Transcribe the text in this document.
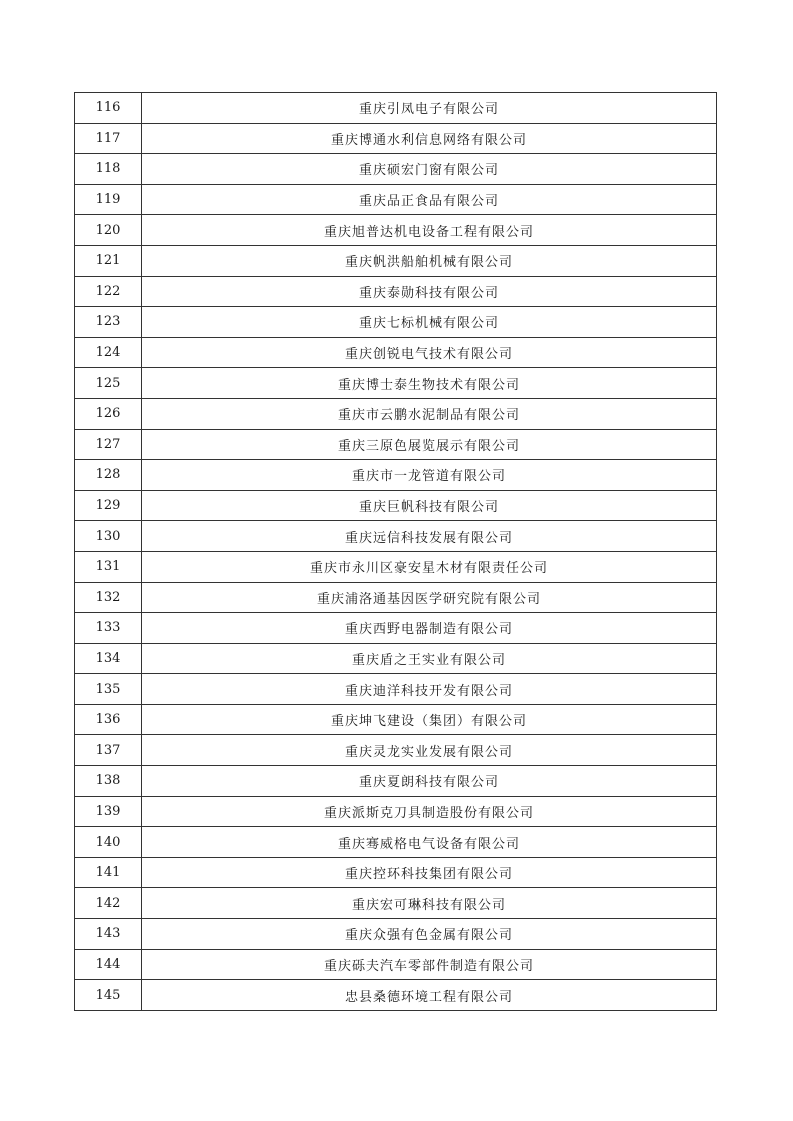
116	重庆引凤电子有限公司
117	重庆博通水利信息网络有限公司
118	重庆硕宏门窗有限公司
119	重庆品正食品有限公司
120	重庆旭普达机电设备工程有限公司
121	重庆帆洪船舶机械有限公司
122	重庆泰勋科技有限公司
123	重庆七标机械有限公司
124	重庆创锐电气技术有限公司
125	重庆博士泰生物技术有限公司
126	重庆市云鹏水泥制品有限公司
127	重庆三原色展览展示有限公司
128	重庆市一龙管道有限公司
129	重庆巨帆科技有限公司
130	重庆远信科技发展有限公司
131	重庆市永川区豪安星木材有限责任公司
132	重庆浦洛通基因医学研究院有限公司
133	重庆西野电器制造有限公司
134	重庆盾之王实业有限公司
135	重庆迪洋科技开发有限公司
136	重庆坤飞建设（集团）有限公司
137	重庆灵龙实业发展有限公司
138	重庆夏朗科技有限公司
139	重庆派斯克刀具制造股份有限公司
140	重庆骞威格电气设备有限公司
141	重庆控环科技集团有限公司
142	重庆宏可琳科技有限公司
143	重庆众强有色金属有限公司
144	重庆砾夫汽车零部件制造有限公司
145	忠县桑德环境工程有限公司
